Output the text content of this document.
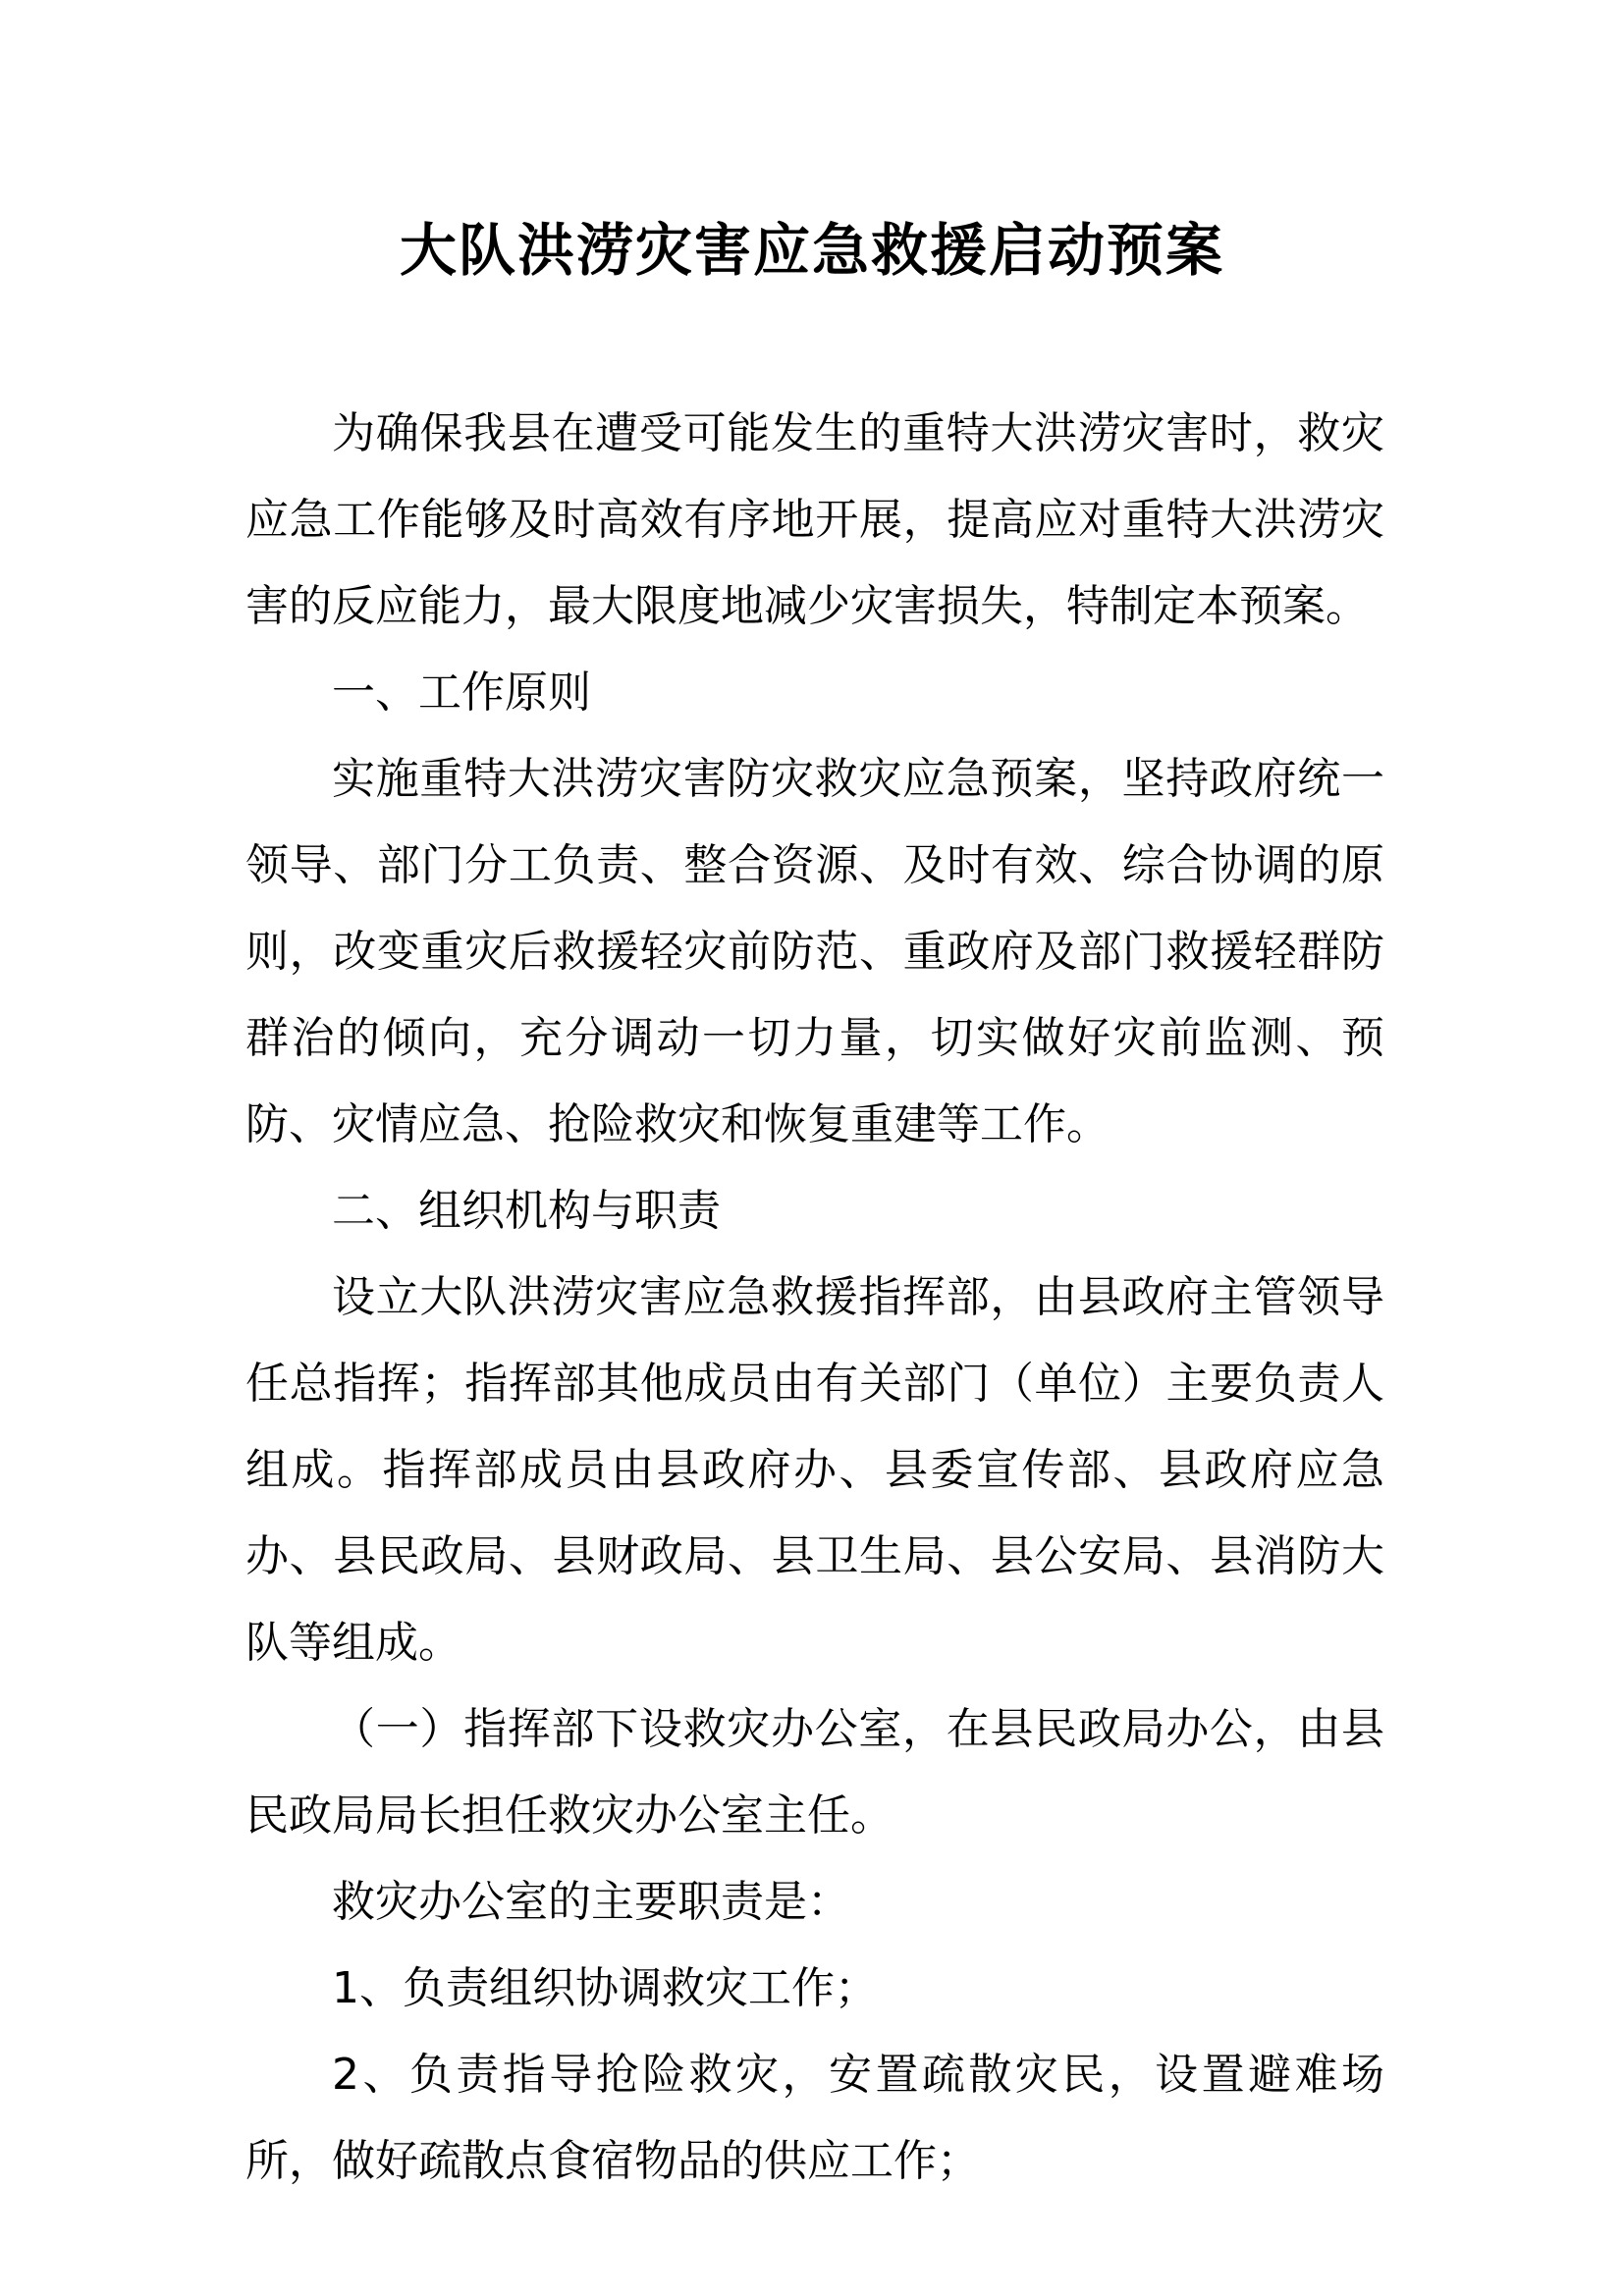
大队洪涝灾害应急救援启动预案

为确保我县在遭受可能发生的重特大洪涝灾害时，救灾应急工作能够及时高效有序地开展，提高应对重特大洪涝灾害的反应能力，最大限度地减少灾害损失，特制定本预案。

一、工作原则

实施重特大洪涝灾害防灾救灾应急预案，坚持政府统一领导、部门分工负责、整合资源、及时有效、综合协调的原则，改变重灾后救援轻灾前防范、重政府及部门救援轻群防群治的倾向，充分调动一切力量，切实做好灾前监测、预防、灾情应急、抢险救灾和恢复重建等工作。

二、组织机构与职责

设立大队洪涝灾害应急救援指挥部，由县政府主管领导任总指挥；指挥部其他成员由有关部门（单位）主要负责人组成。指挥部成员由县政府办、县委宣传部、县政府应急办、县民政局、县财政局、县卫生局、县公安局、县消防大队等组成。

（一）指挥部下设救灾办公室，在县民政局办公，由县民政局局长担任救灾办公室主任。

救灾办公室的主要职责是：

1、负责组织协调救灾工作；

2、负责指导抢险救灾，安置疏散灾民，设置避难场所，做好疏散点食宿物品的供应工作；
